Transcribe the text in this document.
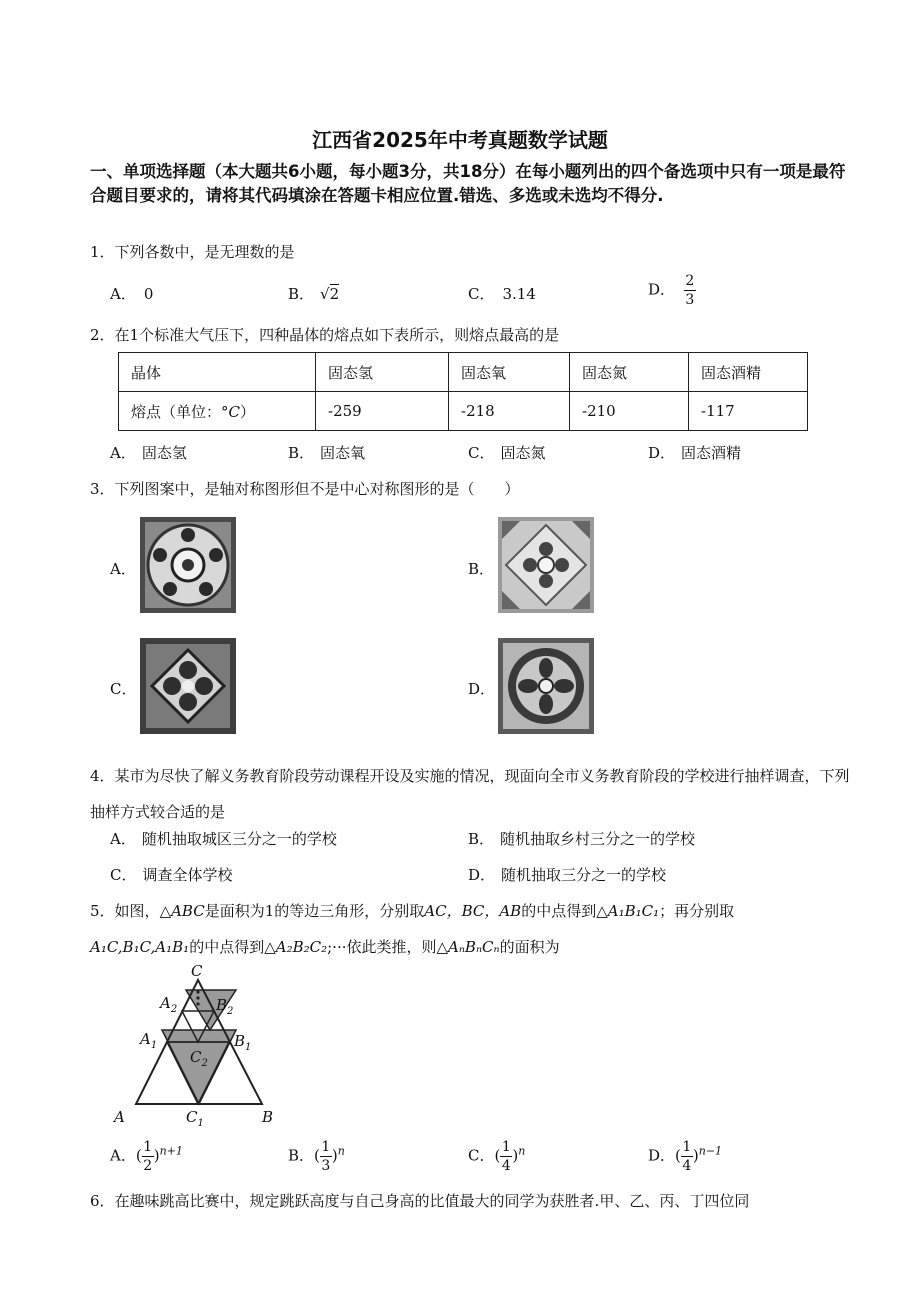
江西省2025年中考真题数学试题
一、单项选择题（本大题共6小题，每小题3分，共18分）在每小题列出的四个备选项中只有一项是最符合题目要求的，请将其代码填涂在答题卡相应位置.错选、多选或未选均不得分.
1．下列各数中，是无理数的是
A． 0	B． √2	C． 3.14	D． $\frac{2}{3}$
2．在1个标准大气压下，四种晶体的熔点如下表所示，则熔点最高的是
晶体	固态氢	固态氧	固态氮	固态酒精
熔点（单位：°C）	-259	-218	-210	-117
A． 固态氢	B． 固态氧	C． 固态氮	D． 固态酒精
3．下列图案中，是轴对称图形但不是中心对称图形的是（　　）
A．	B．
C．	D．
4．某市为尽快了解义务教育阶段劳动课程开设及实施的情况，现面向全市义务教育阶段的学校进行抽样调查，下列抽样方式较合适的是
A． 随机抽取城区三分之一的学校	B． 随机抽取乡村三分之一的学校
C． 调查全体学校	D． 随机抽取三分之一的学校
5．如图，△ABC是面积为1的等边三角形，分别取AC，BC，AB的中点得到△A₁B₁C₁；再分别取
A₁C,B₁C,A₁B₁的中点得到△A₂B₂C₂;···依此类推，则△AₙBₙCₙ的面积为
C
$A_2$	$B_2$
$A_1$	$B_1$
$C_2$
A	$C_1$	B
A．( $\frac{1}{2} )^{n+1}$	B．( $\frac{1}{3} )^n$	C．( $\frac{1}{4} )^n$	D．( $\frac{1}{4} )^{n-1}$
6．在趣味跳高比赛中，规定跳跃高度与自己身高的比值最大的同学为获胜者.甲、乙、丙、丁四位同
